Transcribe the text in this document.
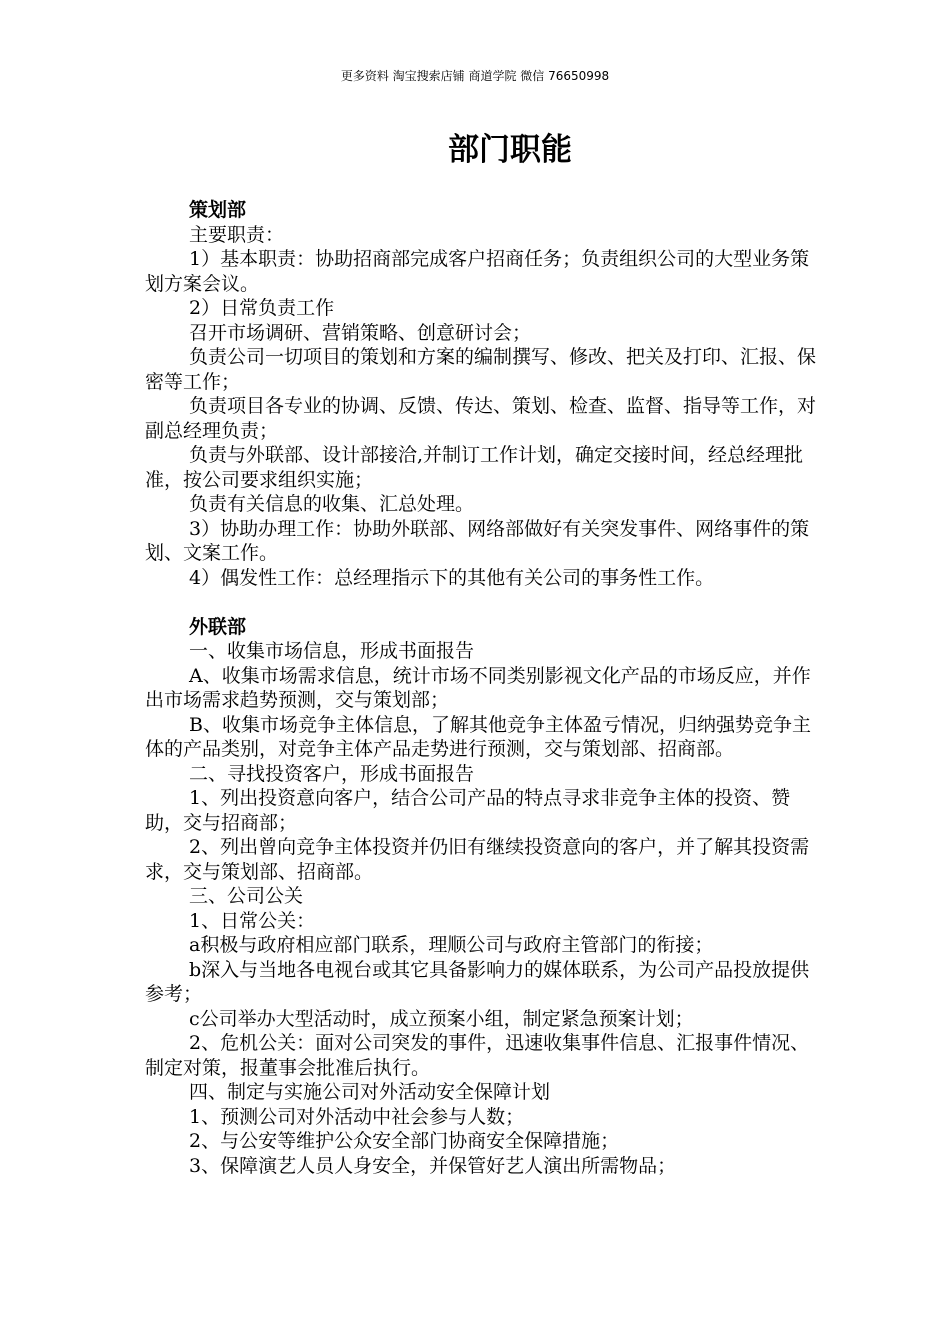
更多资料 淘宝搜索店铺 商道学院 微信 76650998
部门职能

策划部

主要职责：

1）基本职责：协助招商部完成客户招商任务；负责组织公司的大型业务策划方案会议。

2）日常负责工作

召开市场调研、营销策略、创意研讨会；

负责公司一切项目的策划和方案的编制撰写、修改、把关及打印、汇报、保密等工作；

负责项目各专业的协调、反馈、传达、策划、检查、监督、指导等工作，对副总经理负责；

负责与外联部、设计部接洽,并制订工作计划，确定交接时间，经总经理批准，按公司要求组织实施；

负责有关信息的收集、汇总处理。

3）协助办理工作：协助外联部、网络部做好有关突发事件、网络事件的策划、文案工作。

4）偶发性工作：总经理指示下的其他有关公司的事务性工作。

外联部

一、收集市场信息，形成书面报告

A、收集市场需求信息，统计市场不同类别影视文化产品的市场反应，并作出市场需求趋势预测，交与策划部；

B、收集市场竞争主体信息，了解其他竞争主体盈亏情况，归纳强势竞争主体的产品类别，对竞争主体产品走势进行预测，交与策划部、招商部。

二、寻找投资客户，形成书面报告

1、列出投资意向客户，结合公司产品的特点寻求非竞争主体的投资、赞助，交与招商部；

2、列出曾向竞争主体投资并仍旧有继续投资意向的客户，并了解其投资需求，交与策划部、招商部。

三、公司公关

1、日常公关：

a积极与政府相应部门联系，理顺公司与政府主管部门的衔接；

b深入与当地各电视台或其它具备影响力的媒体联系，为公司产品投放提供参考；

c公司举办大型活动时，成立预案小组，制定紧急预案计划；

2、危机公关：面对公司突发的事件，迅速收集事件信息、汇报事件情况、制定对策，报董事会批准后执行。

四、制定与实施公司对外活动安全保障计划

1、预测公司对外活动中社会参与人数；

2、与公安等维护公众安全部门协商安全保障措施；

3、保障演艺人员人身安全，并保管好艺人演出所需物品；
